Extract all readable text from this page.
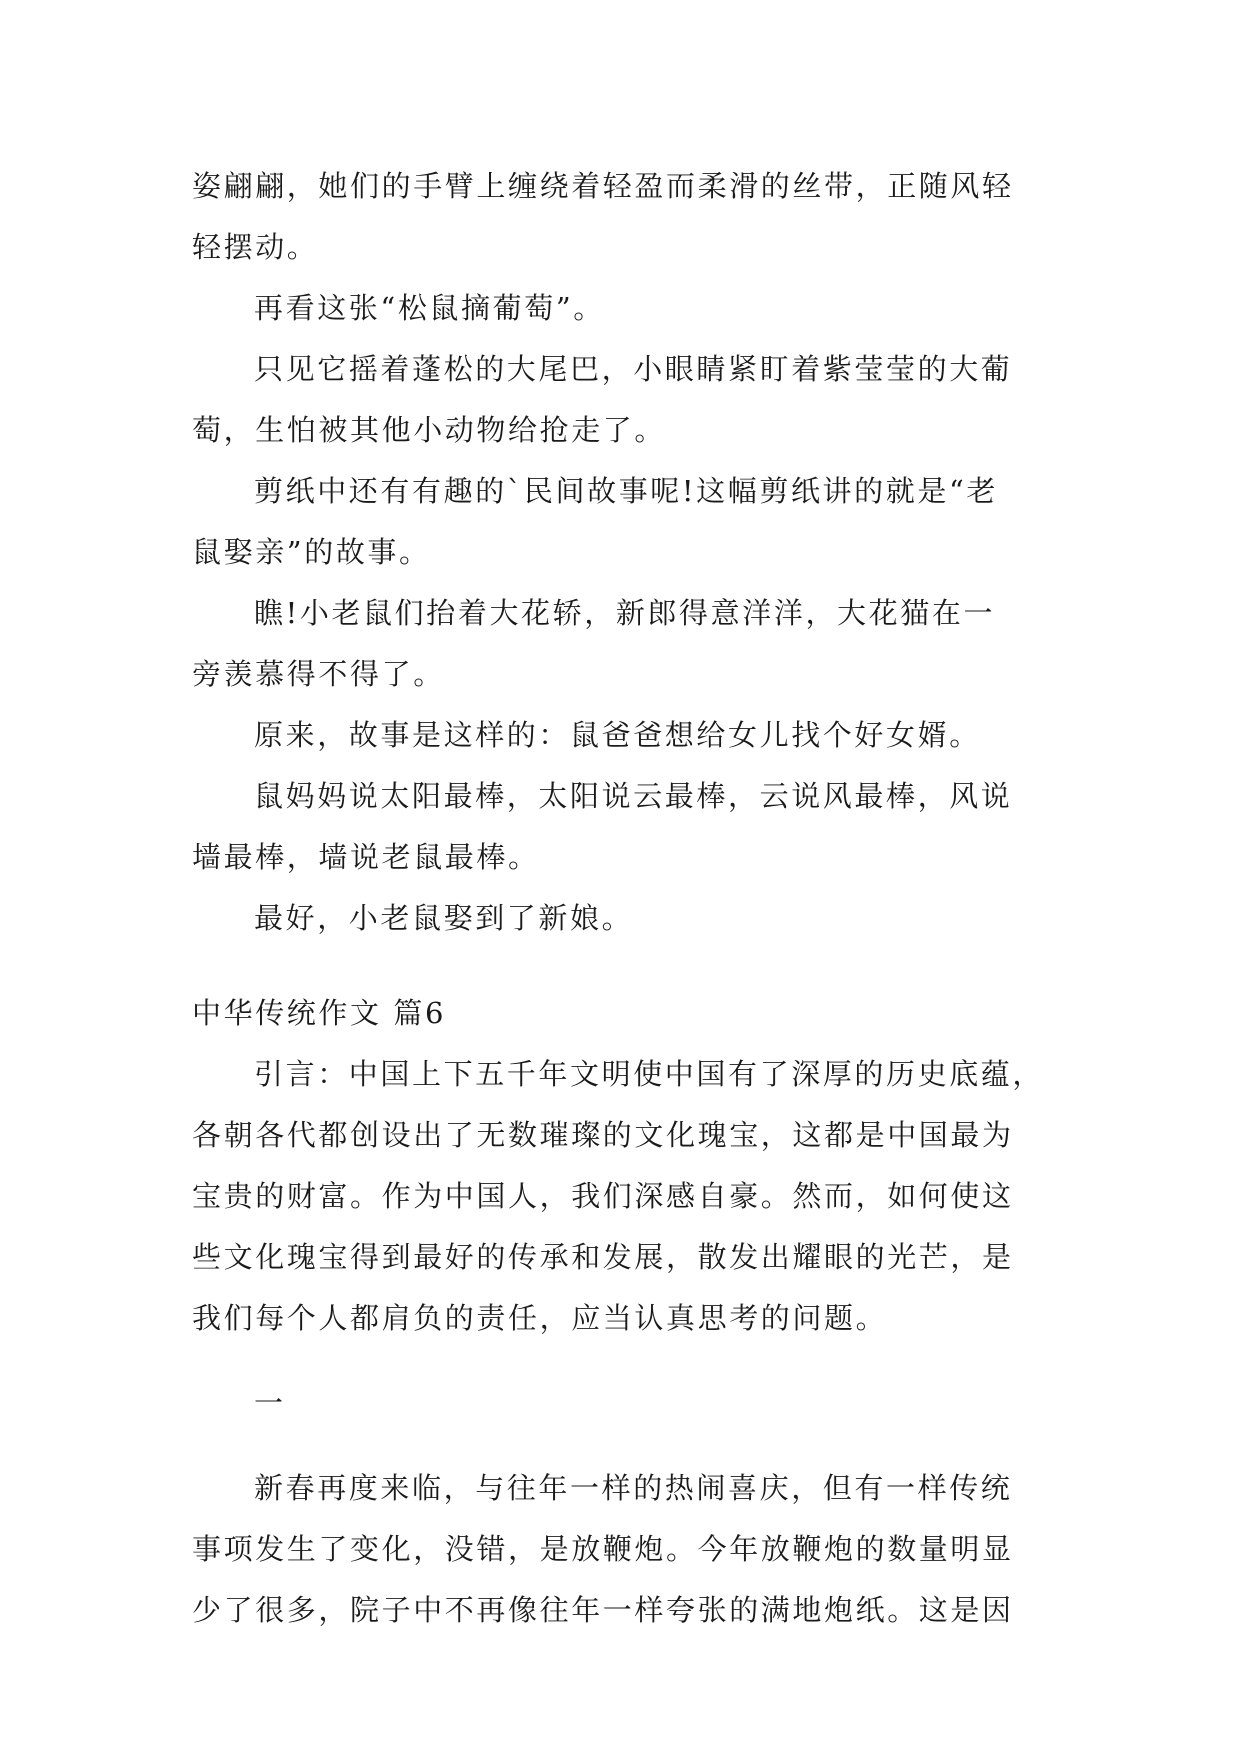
姿翩翩，她们的手臂上缠绕着轻盈而柔滑的丝带，正随风轻
轻摆动。
再看这张“松鼠摘葡萄”。
只见它摇着蓬松的大尾巴，小眼睛紧盯着紫莹莹的大葡
萄，生怕被其他小动物给抢走了。
剪纸中还有有趣的`民间故事呢!这幅剪纸讲的就是“老
鼠娶亲”的故事。
瞧!小老鼠们抬着大花轿，新郎得意洋洋，大花猫在一
旁羡慕得不得了。
原来，故事是这样的：鼠爸爸想给女儿找个好女婿。
鼠妈妈说太阳最棒，太阳说云最棒，云说风最棒，风说
墙最棒，墙说老鼠最棒。
最好，小老鼠娶到了新娘。
中华传统作文 篇6
引言：中国上下五千年文明使中国有了深厚的历史底蕴，
各朝各代都创设出了无数璀璨的文化瑰宝，这都是中国最为
宝贵的财富。作为中国人，我们深感自豪。然而，如何使这
些文化瑰宝得到最好的传承和发展，散发出耀眼的光芒，是
我们每个人都肩负的责任，应当认真思考的问题。
一
新春再度来临，与往年一样的热闹喜庆，但有一样传统
事项发生了变化，没错，是放鞭炮。今年放鞭炮的数量明显
少了很多，院子中不再像往年一样夸张的满地炮纸。这是因
